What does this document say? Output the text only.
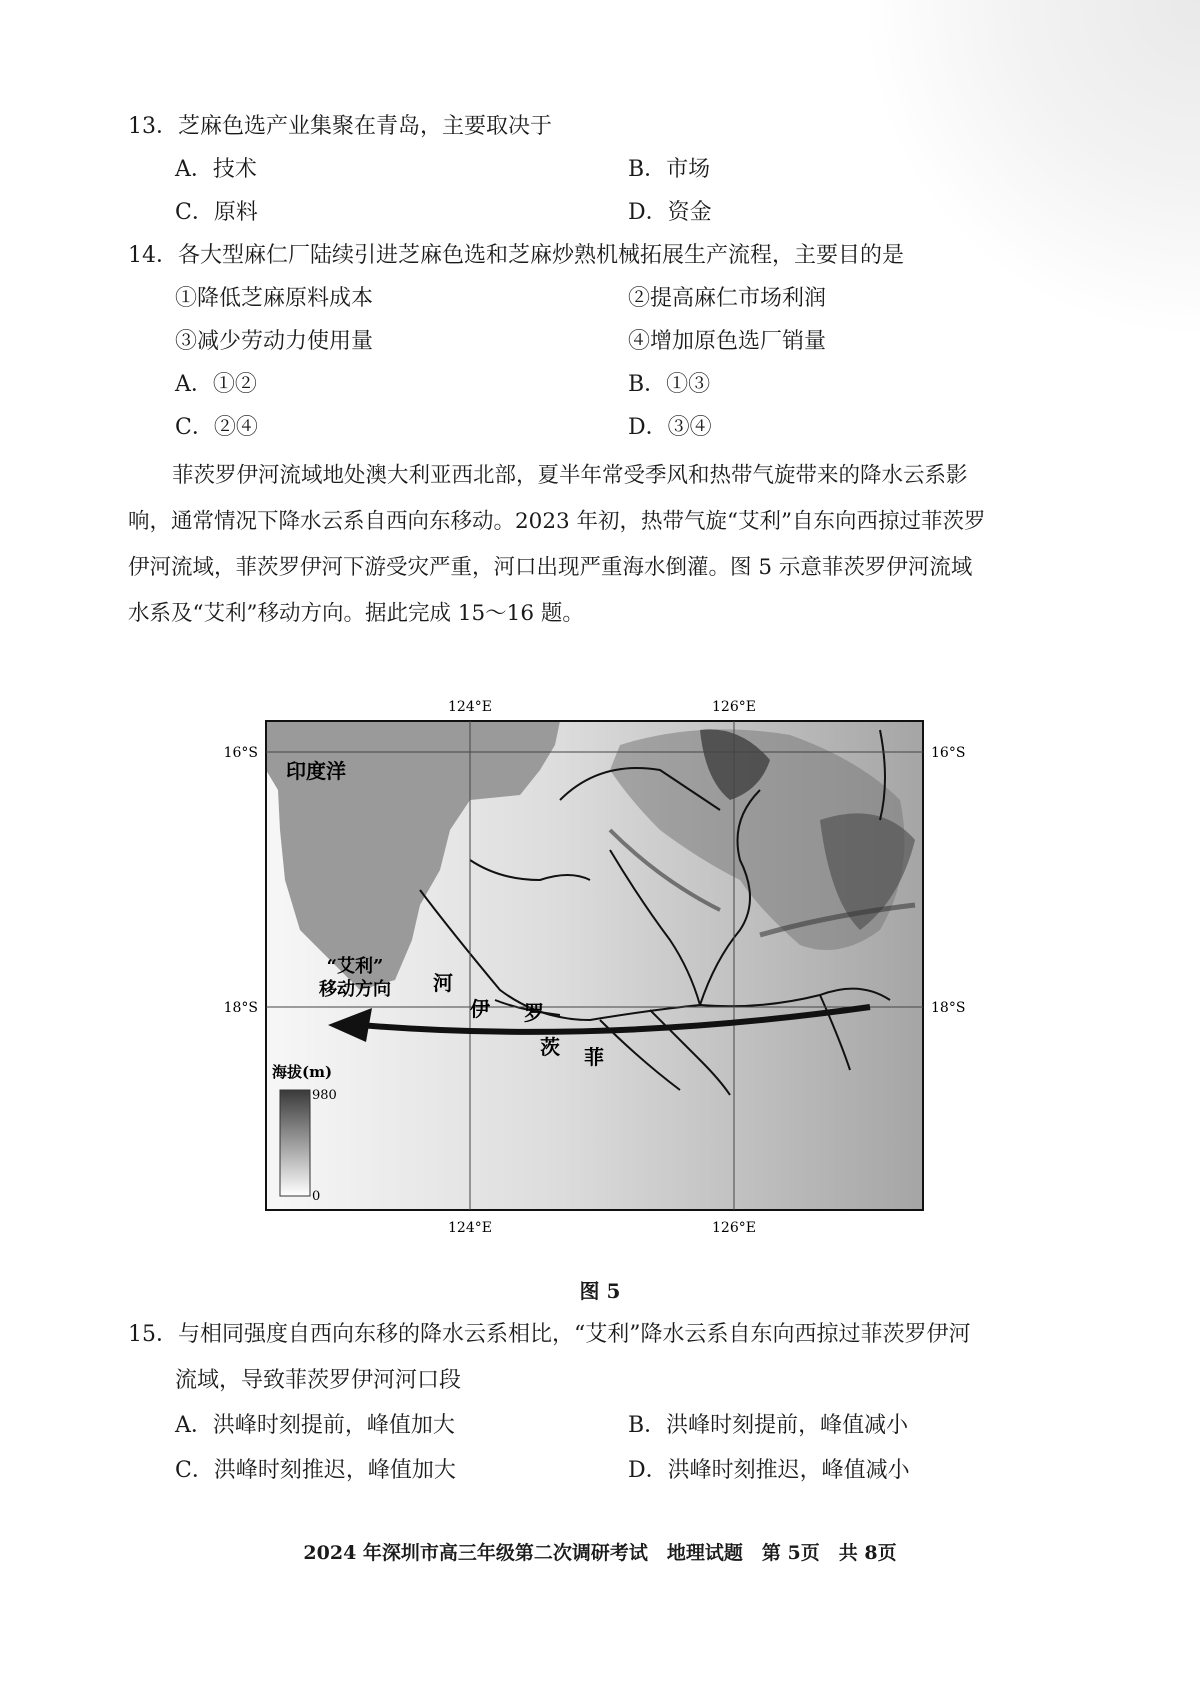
13．芝麻色选产业集聚在青岛，主要取决于
A．技术	B．市场
C．原料	D．资金
14．各大型麻仁厂陆续引进芝麻色选和芝麻炒熟机械拓展生产流程，主要目的是
①降低芝麻原料成本	②提高麻仁市场利润
③减少劳动力使用量	④增加原色选厂销量
A．①②	B．①③
C．②④	D．③④
菲茨罗伊河流域地处澳大利亚西北部，夏半年常受季风和热带气旋带来的降水云系影
响，通常情况下降水云系自西向东移动。2023 年初，热带气旋“艾利”自东向西掠过菲茨罗
伊河流域，菲茨罗伊河下游受灾严重，河口出现严重海水倒灌。图 5 示意菲茨罗伊河流域
水系及“艾利”移动方向。据此完成 15～16 题。
124°E	126°E
124°E	126°E
16°S
18°S
16°S
18°S
印度洋
“艾利”
移动方向 河
伊 罗
茨 菲
海拔(m)
980
0
图 5
15．与相同强度自西向东移的降水云系相比，“艾利”降水云系自东向西掠过菲茨罗伊河
流域，导致菲茨罗伊河河口段
A．洪峰时刻提前，峰值加大	B．洪峰时刻提前，峰值减小
C．洪峰时刻推迟，峰值加大	D．洪峰时刻推迟，峰值减小
2024 年深圳市高三年级第二次调研考试　地理试题　第 5页　共 8页
